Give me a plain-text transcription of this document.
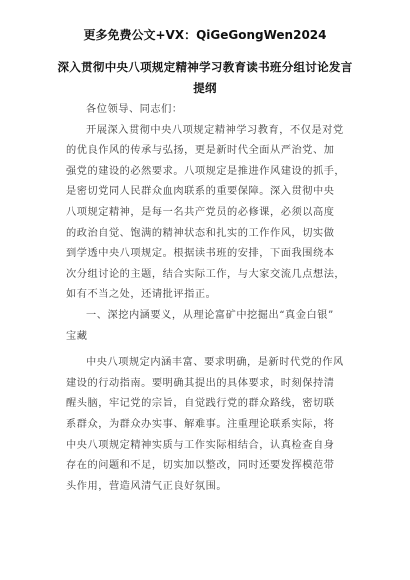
更多免费公文+VX：QiGeGongWen2024
深入贯彻中央八项规定精神学习教育读书班分组讨论发言
提纲
各位领导、同志们：
开展深入贯彻中央八项规定精神学习教育，不仅是对党
的优良作风的传承与弘扬，更是新时代全面从严治党、加
强党的建设的必然要求。八项规定是推进作风建设的抓手，
是密切党同人民群众血肉联系的重要保障。深入贯彻中央
八项规定精神，是每一名共产党员的必修课，必须以高度
的政治自觉、饱满的精神状态和扎实的工作作风，切实做
到学透中央八项规定。根据读书班的安排，下面我围绕本
次分组讨论的主题，结合实际工作，与大家交流几点想法，
如有不当之处，还请批评指正。
一、深挖内涵要义，从理论富矿中挖掘出“真金白银”
宝藏
中央八项规定内涵丰富、要求明确，是新时代党的作风
建设的行动指南。要明确其提出的具体要求，时刻保持清
醒头脑，牢记党的宗旨，自觉践行党的群众路线，密切联
系群众，为群众办实事、解难事。注重理论联系实际，将
中央八项规定精神实质与工作实际相结合，认真检查自身
存在的问题和不足，切实加以整改，同时还要发挥模范带
头作用，营造风清气正良好氛围。
